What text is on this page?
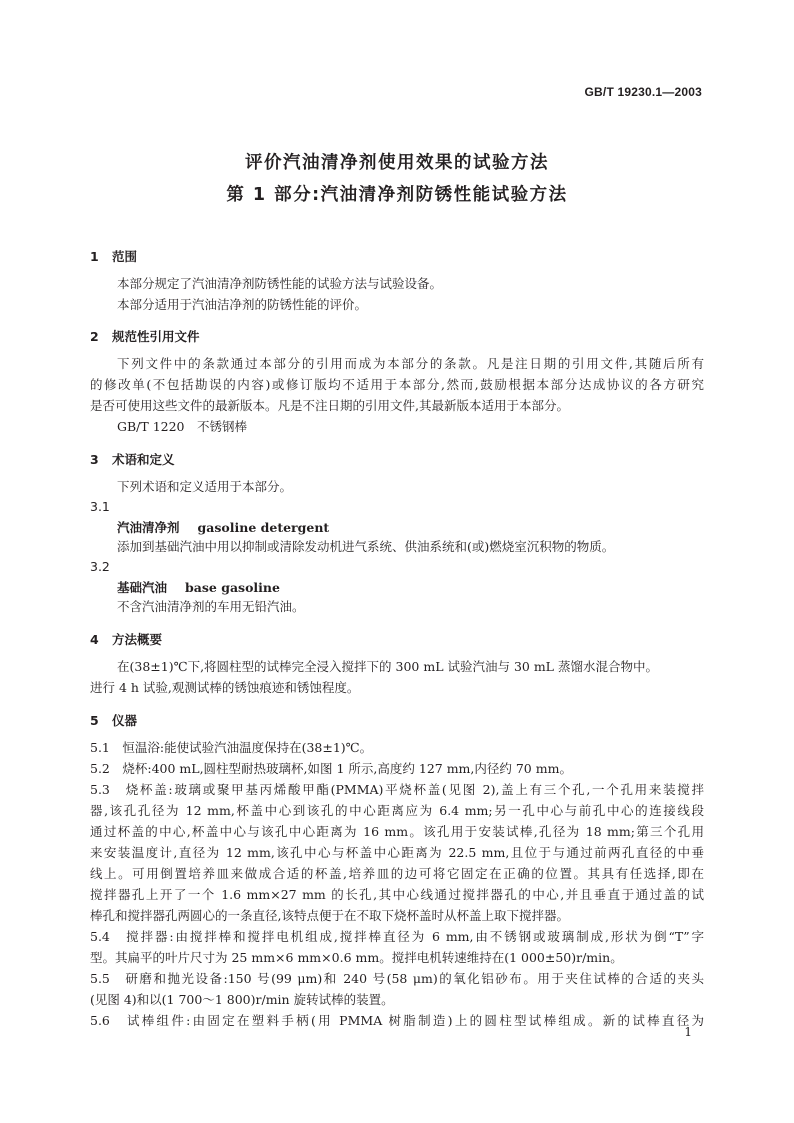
GB/T 19230.1—2003
评价汽油清净剂使用效果的试验方法
第 1 部分:汽油清净剂防锈性能试验方法
1 范围
本部分规定了汽油清净剂防锈性能的试验方法与试验设备。
本部分适用于汽油洁净剂的防锈性能的评价。
2 规范性引用文件
下列文件中的条款通过本部分的引用而成为本部分的条款。凡是注日期的引用文件,其随后所有
的修改单(不包括勘误的内容)或修订版均不适用于本部分,然而,鼓励根据本部分达成协议的各方研究
是否可使用这些文件的最新版本。凡是不注日期的引用文件,其最新版本适用于本部分。
GB/T 1220　不锈钢棒
3 术语和定义
下列术语和定义适用于本部分。
3.1
汽油清净剂 gasoline detergent
添加到基础汽油中用以抑制或清除发动机进气系统、供油系统和(或)燃烧室沉积物的物质。
3.2
基础汽油 base gasoline
不含汽油清净剂的车用无铅汽油。
4 方法概要
在(38±1)℃下,将圆柱型的试棒完全浸入搅拌下的 300 mL 试验汽油与 30 mL 蒸馏水混合物中。
进行 4 h 试验,观测试棒的锈蚀痕迹和锈蚀程度。
5 仪器
5.1　恒温浴:能使试验汽油温度保持在(38±1)℃。
5.2　烧杯:400 mL,圆柱型耐热玻璃杯,如图 1 所示,高度约 127 mm,内径约 70 mm。
5.3　烧杯盖:玻璃或聚甲基丙烯酸甲酯(PMMA)平烧杯盖(见图 2),盖上有三个孔,一个孔用来装搅拌
器,该孔孔径为 12 mm,杯盖中心到该孔的中心距离应为 6.4 mm;另一孔中心与前孔中心的连接线段
通过杯盖的中心,杯盖中心与该孔中心距离为 16 mm。该孔用于安装试棒,孔径为 18 mm;第三个孔用
来安装温度计,直径为 12 mm,该孔中心与杯盖中心距离为 22.5 mm,且位于与通过前两孔直径的中垂
线上。可用倒置培养皿来做成合适的杯盖,培养皿的边可将它固定在正确的位置。其具有任选择,即在
搅拌器孔上开了一个 1.6 mm×27 mm 的长孔,其中心线通过搅拌器孔的中心,并且垂直于通过盖的试
棒孔和搅拌器孔两圆心的一条直径,该特点便于在不取下烧杯盖时从杯盖上取下搅拌器。
5.4　搅拌器:由搅拌棒和搅拌电机组成,搅拌棒直径为 6 mm,由不锈钢或玻璃制成,形状为倒“T”字
型。其扁平的叶片尺寸为 25 mm×6 mm×0.6 mm。搅拌电机转速维持在(1 000±50)r/min。
5.5　研磨和抛光设备:150 号(99 μm)和 240 号(58 μm)的氧化铝砂布。用于夹住试棒的合适的夹头
(见图 4)和以(1 700～1 800)r/min 旋转试棒的装置。
5.6　试棒组件:由固定在塑料手柄(用 PMMA 树脂制造)上的圆柱型试棒组成。新的试棒直径为
1
